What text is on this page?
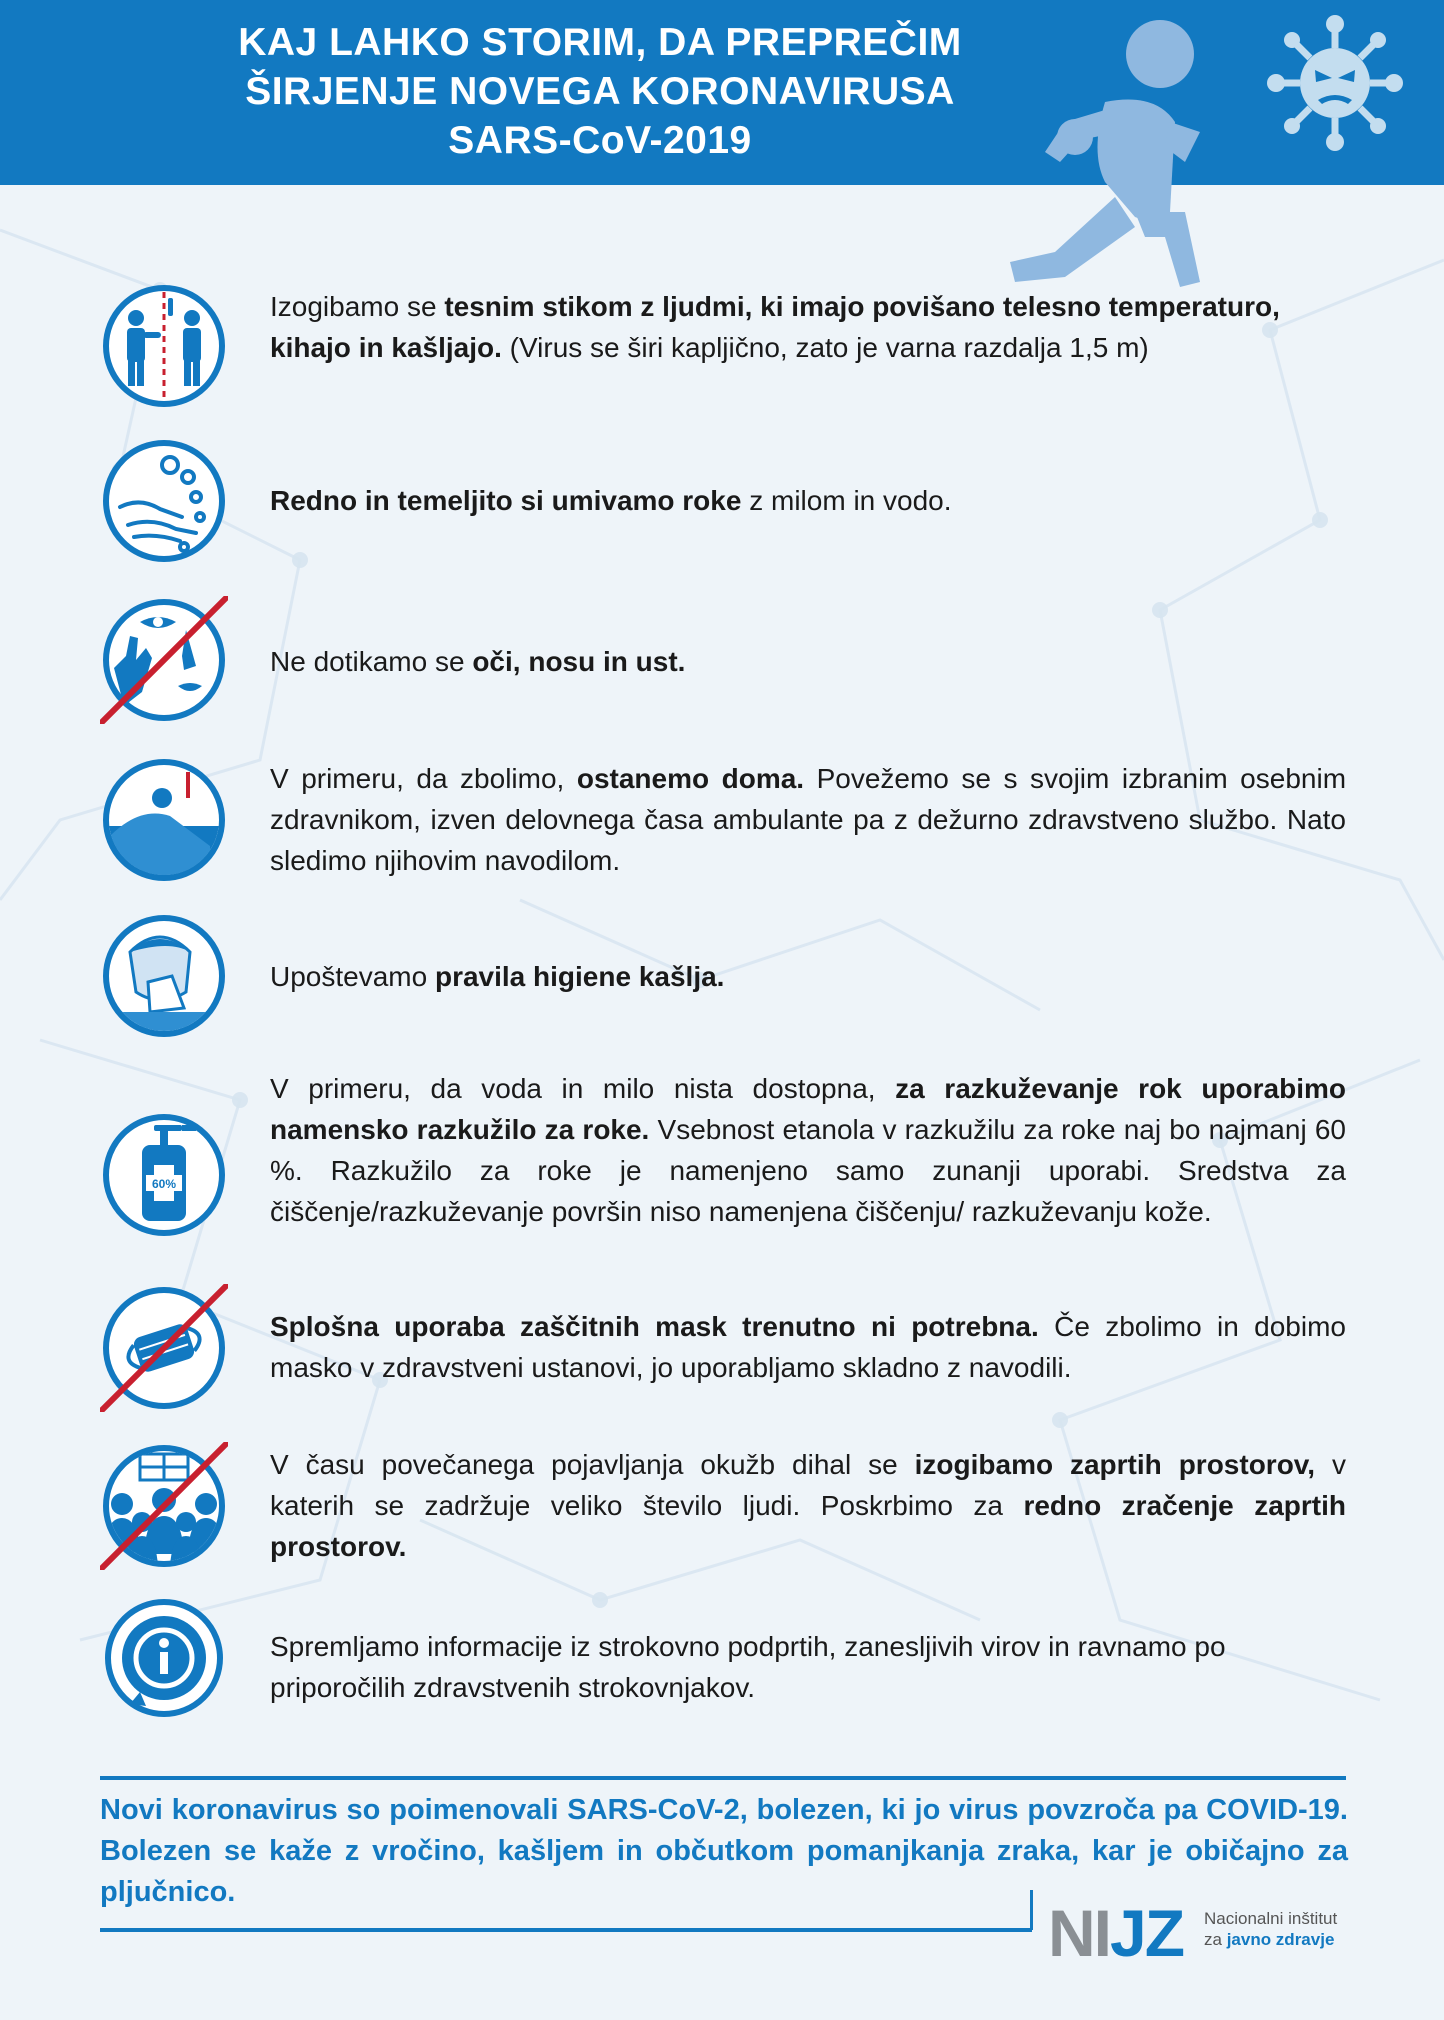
KAJ LAHKO STORIM, DA PREPREČIM
ŠIRJENJE NOVEGA KORONAVIRUSA
SARS-CoV-2019
Izogibamo se tesnim stikom z ljudmi, ki imajo povišano telesno temperaturo, kihajo in kašljajo. (Virus se širi kapljično, zato je varna razdalja 1,5 m)
Redno in temeljito si umivamo roke z milom in vodo.
Ne dotikamo se oči, nosu in ust.
V primeru, da zbolimo, ostanemo doma. Povežemo se s svojim izbranim osebnim zdravnikom, izven delovnega časa ambulante pa z dežurno zdravstveno službo. Nato sledimo njihovim navodilom.
Upoštevamo pravila higiene kašlja.
60%
V primeru, da voda in milo nista dostopna, za razkuževanje rok uporabimo namensko razkužilo za roke. Vsebnost etanola v razkužilu za roke naj bo najmanj 60 %. Razkužilo za roke je namenjeno samo zunanji uporabi. Sredstva za čiščenje/razkuževanje površin niso namenjena čiščenju/ razkuževanju kože.
Splošna uporaba zaščitnih mask trenutno ni potrebna. Če zbolimo in dobimo masko v zdravstveni ustanovi, jo uporabljamo skladno z navodili.
V času povečanega pojavljanja okužb dihal se izogibamo zaprtih prostorov, v katerih se zadržuje veliko število ljudi. Poskrbimo za redno zračenje zaprtih prostorov.
Spremljamo informacije iz strokovno podprtih, zanesljivih virov in ravnamo po priporočilih zdravstvenih strokovnjakov.
Novi koronavirus so poimenovali SARS-CoV-2, bolezen, ki jo virus povzroča pa COVID-19. Bolezen se kaže z vročino, kašljem in občutkom pomanjkanja zraka, kar je običajno za pljučnico.
NIJZ Nacionalni inštitut
za javno zdravje
